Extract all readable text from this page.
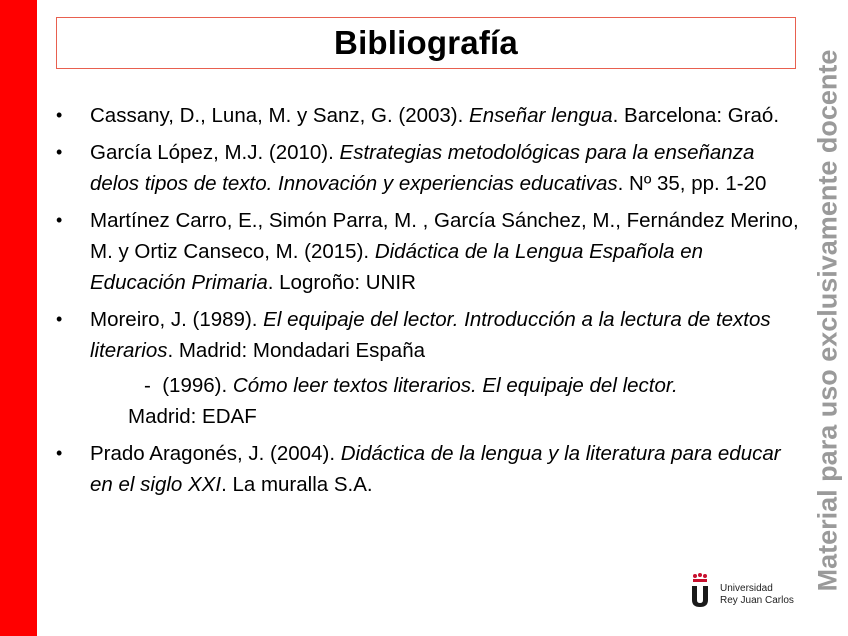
Bibliografía
• Cassany, D., Luna, M. y Sanz, G. (2003). Enseñar lengua. Barcelona: Graó.
• García López, M.J. (2010). Estrategias metodológicas para la enseñanza delos tipos de texto. Innovación y experiencias educativas. Nº 35, pp. 1-20
• Martínez Carro, E., Simón Parra, M. , García Sánchez, M., Fernández Merino, M. y Ortiz Canseco, M. (2015). Didáctica de la Lengua Española en Educación Primaria. Logroño: UNIR
• Moreiro, J. (1989). El equipaje del lector. Introducción a la lectura de textos literarios. Madrid: Mondadari España
- (1996). Cómo leer textos literarios. El equipaje del lector.
Madrid: EDAF
• Prado Aragonés, J. (2004). Didáctica de la lengua y la literatura para educar en el siglo XXI. La muralla S.A.	Material para uso exclusivamente docente
Universidad
Rey Juan Carlos
